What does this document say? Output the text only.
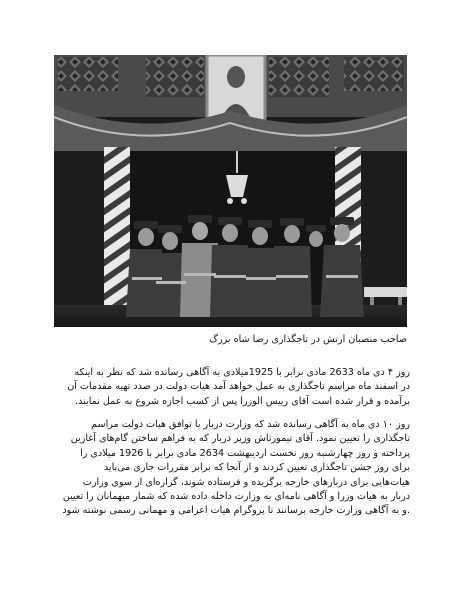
صاحب منصبان ارتش در تاجگذاری رضا شاه بزرگ

روز ۴ دی ماه 2633 مادی برابر با 1925میلادی به آگاهی رسانده شد که نظر به اینکه
در اسفند ماه مراسم تاجگذاری به عمل خواهد آمد هیات دولت در صدد تهیه مقدمات آن
برآمده و قرار شده است آقای رییس الوزرا پس از کسب اجازه شروع به عمل نمایند.
روز ۱۰ دی ماه به آگاهی رسانده شد که وزارت دربار با توافق هیات دولت مراسم
تاجگذاری را تعیین نمود. آقای تیمورتاش وزیر دربار که به فراهم ساختن گام‌های آغازین
پرداخته و روز چهارشنبه روز نخست اردیبهشت 2634 مادی برابر با 1926 میلادی را
برای روز جشن تاجگذاری تعیین کردند و از آنجا که برابر مقررات جاری می‌باید
هیات‌هایی برای دربارهای خارجه برگزیده و فرستاده شوند، گزاره‌ای از سوی وزارت
دربار به هیات وزرا و آگاهی نامه‌ای به وزارت داخله داده شده که شمار میهمانان را تعیین
.و به آگاهی وزارت خارجه برسانند تا پروگرام هیات اعزامی و مهمانی رسمی نوشته شود
